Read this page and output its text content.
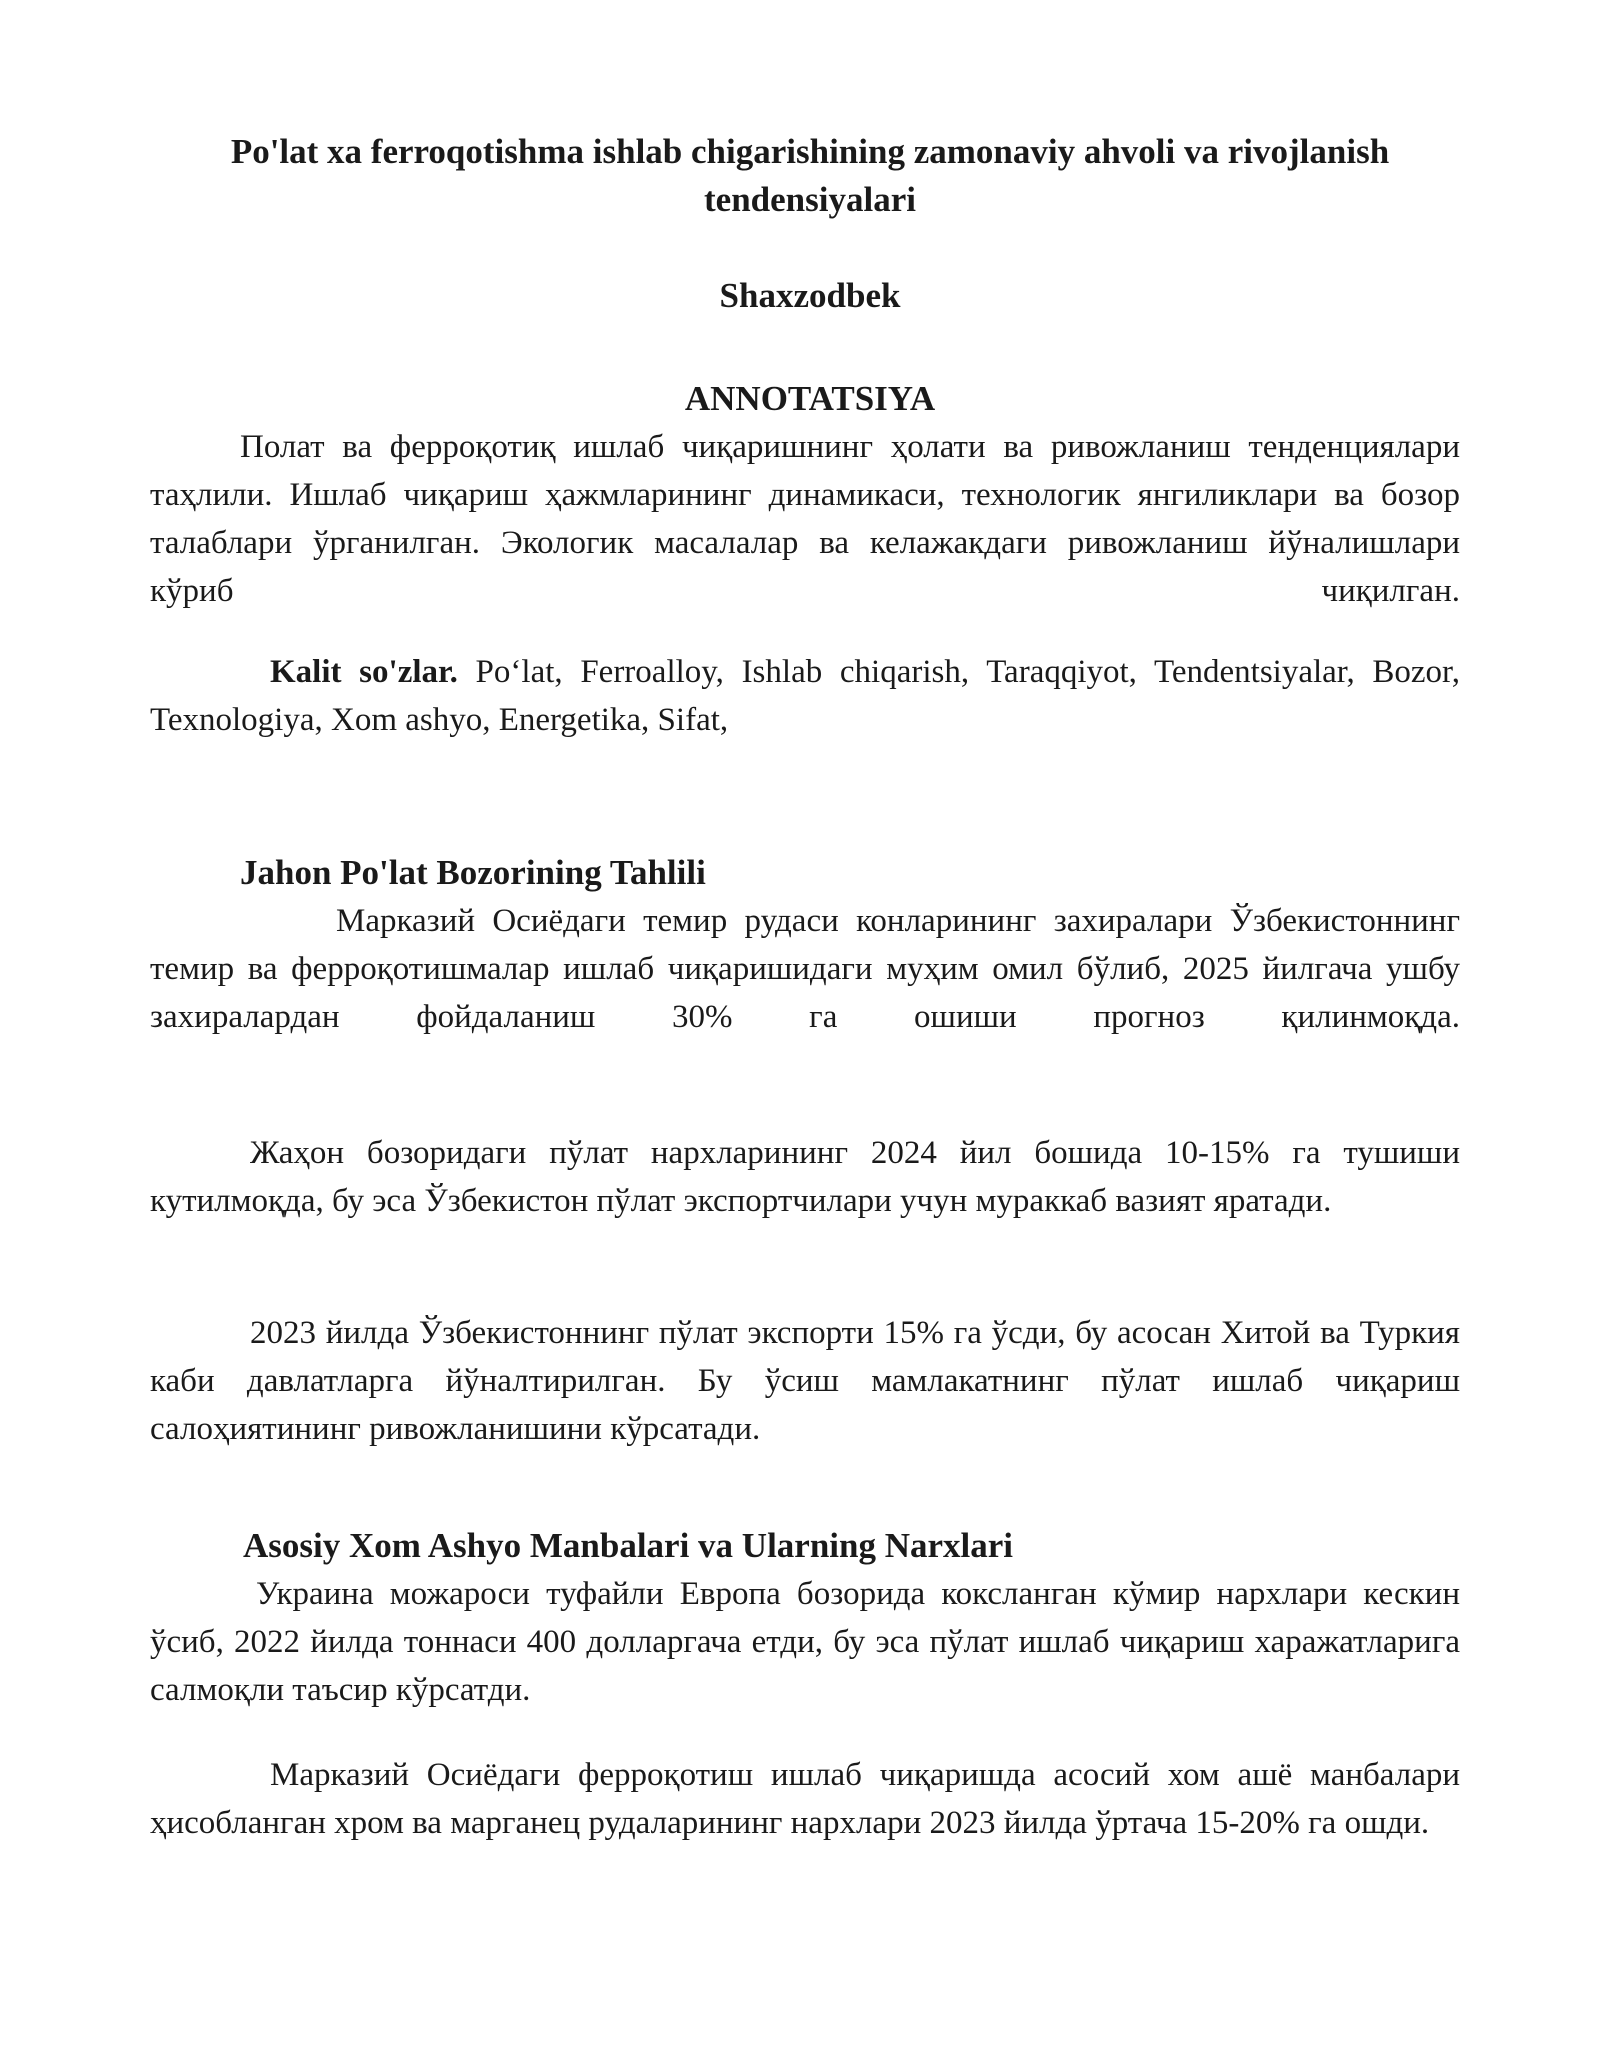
Po'lat xa ferroqotishma ishlab chigarishining zamonaviy ahvoli va rivojlanish tendensiyalari
Shaxzodbek
ANNOTATSIYA

Полат ва ферроқотиқ ишлаб чиқаришнинг ҳолати ва ривожланиш тенденциялари таҳлили. Ишлаб чиқариш ҳажмларининг динамикаси, технологик янгиликлари ва бозор талаблари ўрганилган. Экологик масалалар ва келажакдаги ривожланиш йўналишлари кўриб чиқилган.

Kalit so'zlar. Po‘lat, Ferroalloy, Ishlab chiqarish, Taraqqiyot, Tendentsiyalar, Bozor, Texnologiya, Xom ashyo, Energetika, Sifat,

Jahon Po'lat Bozorining Tahlili

Марказий Осиёдаги темир рудаси конларининг захиралари Ўзбекистоннинг темир ва ферроқотишмалар ишлаб чиқаришидаги муҳим омил бўлиб, 2025 йилгача ушбу захиралардан фойдаланиш 30% га ошиши прогноз қилинмоқда.

Жаҳон бозоридаги пўлат нархларининг 2024 йил бошида 10-15% га тушиши кутилмоқда, бу эса Ўзбекистон пўлат экспортчилари учун мураккаб вазият яратади.

2023 йилда Ўзбекистоннинг пўлат экспорти 15% га ўсди, бу асосан Хитой ва Туркия каби давлатларга йўналтирилган. Бу ўсиш мамлакатнинг пўлат ишлаб чиқариш салоҳиятининг ривожланишини кўрсатади.

Asosiy Xom Ashyo Manbalari va Ularning Narxlari

Украина можароси туфайли Европа бозорида коксланган кўмир нархлари кескин ўсиб, 2022 йилда тоннаси 400 долларгача етди, бу эса пўлат ишлаб чиқариш харажатларига салмоқли таъсир кўрсатди.

Марказий Осиёдаги ферроқотиш ишлаб чиқаришда асосий хом ашё манбалари ҳисобланган хром ва марганец рудаларининг нархлари 2023 йилда ўртача 15-20% га ошди.
